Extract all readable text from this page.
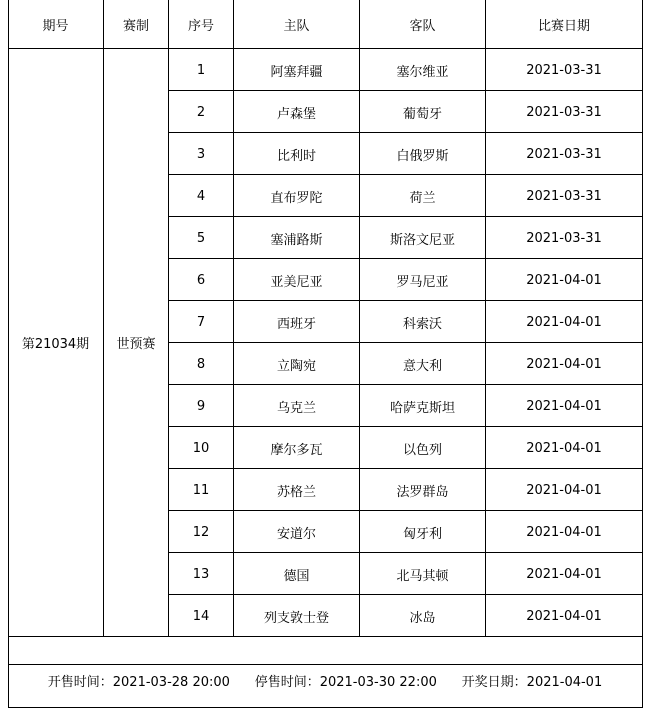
期号	赛制	序号	主队	客队	比赛日期
第21034期	世预赛
1	阿塞拜疆	塞尔维亚	2021-03-31
2	卢森堡	葡萄牙	2021-03-31
3	比利时	白俄罗斯	2021-03-31
4	直布罗陀	荷兰	2021-03-31
5	塞浦路斯	斯洛文尼亚	2021-03-31
6	亚美尼亚	罗马尼亚	2021-04-01
7	西班牙	科索沃	2021-04-01
8	立陶宛	意大利	2021-04-01
9	乌克兰	哈萨克斯坦	2021-04-01
10	摩尔多瓦	以色列	2021-04-01
11	苏格兰	法罗群岛	2021-04-01
12	安道尔	匈牙利	2021-04-01
13	德国	北马其顿	2021-04-01
14	列支敦士登	冰岛	2021-04-01
开售时间：2021-03-28 20:00
停售时间：2021-03-30 22:00
开奖日期：2021-04-01
